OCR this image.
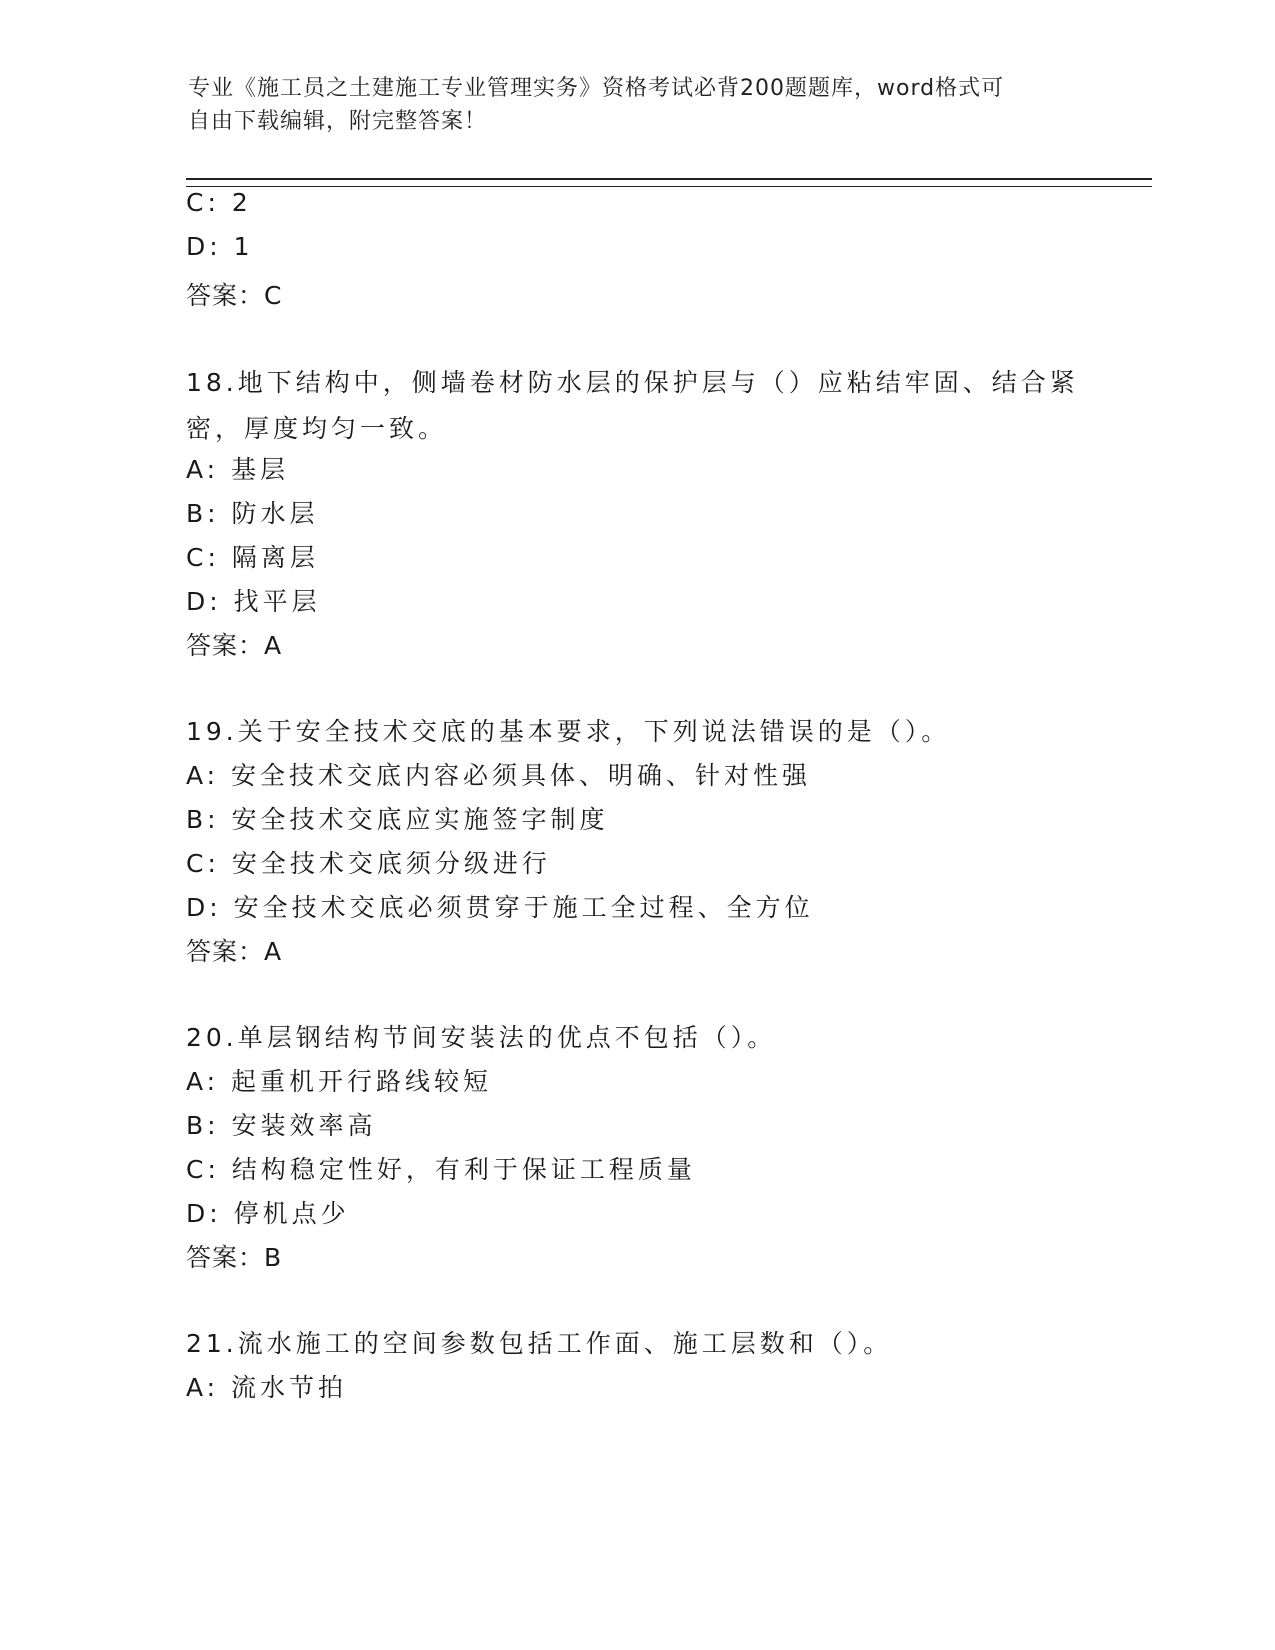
专业《施工员之土建施工专业管理实务》资格考试必背200题题库，word格式可
自由下载编辑，附完整答案！
C: 2
D: 1
答案：C
18.地下结构中，侧墙卷材防水层的保护层与（）应粘结牢固、结合紧密，厚度均匀一致。
A: 基层
B: 防水层
C: 隔离层
D: 找平层
答案：A
19.关于安全技术交底的基本要求，下列说法错误的是（）。
A: 安全技术交底内容必须具体、明确、针对性强
B: 安全技术交底应实施签字制度
C: 安全技术交底须分级进行
D: 安全技术交底必须贯穿于施工全过程、全方位
答案：A
20.单层钢结构节间安装法的优点不包括（）。
A: 起重机开行路线较短
B: 安装效率高
C: 结构稳定性好，有利于保证工程质量
D: 停机点少
答案：B
21.流水施工的空间参数包括工作面、施工层数和（）。
A: 流水节拍
